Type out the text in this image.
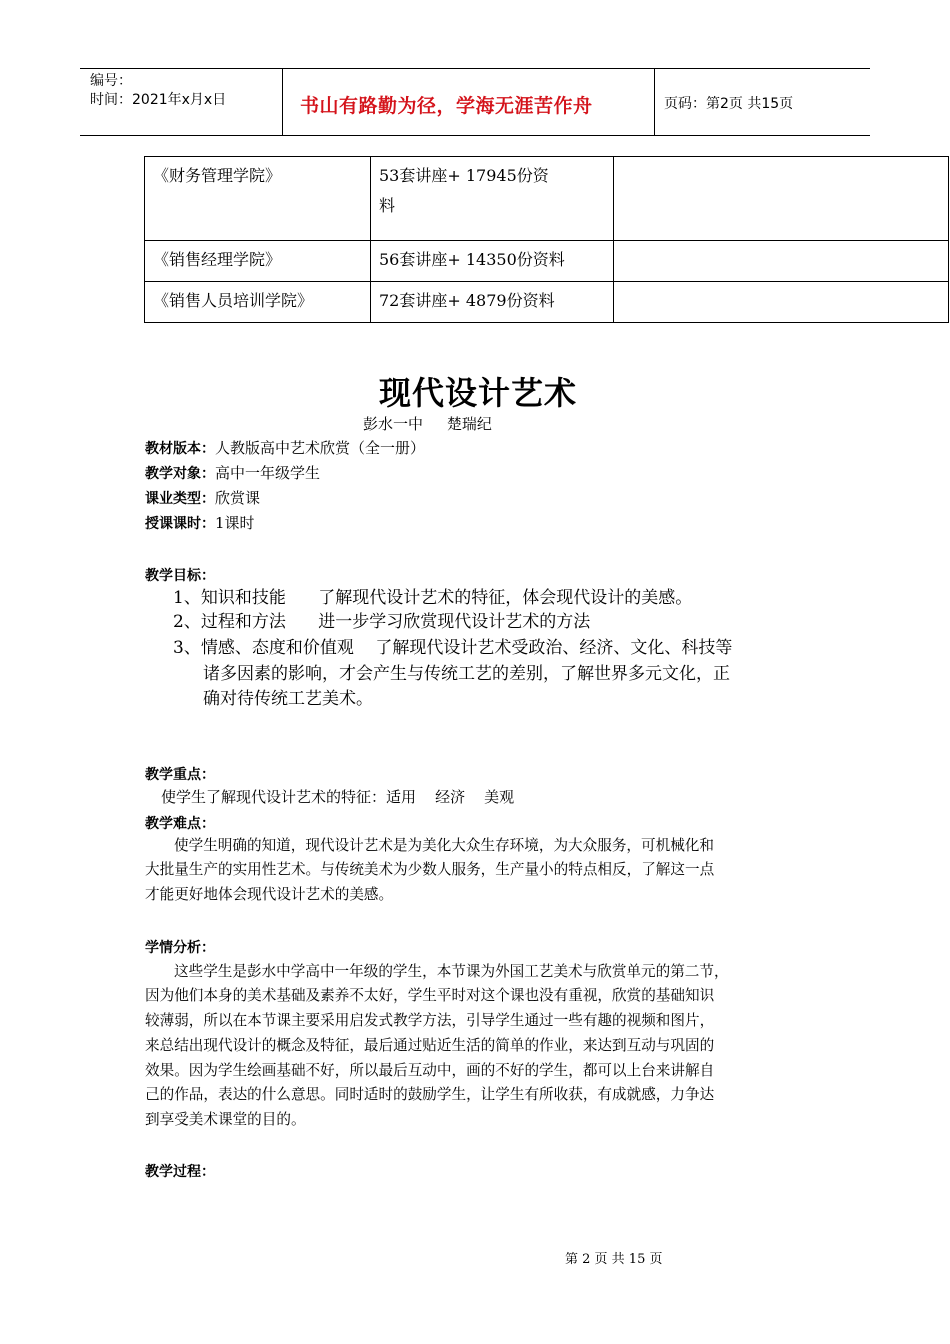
编号：
时间：2021年x月x日	书山有路勤为径，学海无涯苦作舟	页码：第2页 共15页
《财务管理学院》	53套讲座+ 17945份资
料	

《销售经理学院》	56套讲座+ 14350份资料	
《销售人员培训学院》	72套讲座+ 4879份资料	
现代设计艺术
彭水一中     楚瑞纪
教材版本：人教版高中艺术欣赏（全一册）
教学对象：高中一年级学生
课业类型：欣赏课
授课课时：1课时
教学目标：
1、知识和技能      了解现代设计艺术的特征，体会现代设计的美感。
2、过程和方法      进一步学习欣赏现代设计艺术的方法
3、情感、态度和价值观    了解现代设计艺术受政治、经济、文化、科技等
诸多因素的影响，才会产生与传统工艺的差别，了解世界多元文化，正
确对待传统工艺美术。
教学重点：
使学生了解现代设计艺术的特征：适用    经济    美观
教学难点：
使学生明确的知道，现代设计艺术是为美化大众生存环境，为大众服务，可机械化和
大批量生产的实用性艺术。与传统美术为少数人服务，生产量小的特点相反，了解这一点
才能更好地体会现代设计艺术的美感。
学情分析：
这些学生是彭水中学高中一年级的学生，本节课为外国工艺美术与欣赏单元的第二节，
因为他们本身的美术基础及素养不太好，学生平时对这个课也没有重视，欣赏的基础知识
较薄弱，所以在本节课主要采用启发式教学方法，引导学生通过一些有趣的视频和图片，
来总结出现代设计的概念及特征，最后通过贴近生活的简单的作业，来达到互动与巩固的
效果。因为学生绘画基础不好，所以最后互动中，画的不好的学生，都可以上台来讲解自
己的作品，表达的什么意思。同时适时的鼓励学生，让学生有所收获，有成就感，力争达
到享受美术课堂的目的。
教学过程：
第 2 页 共 15 页
